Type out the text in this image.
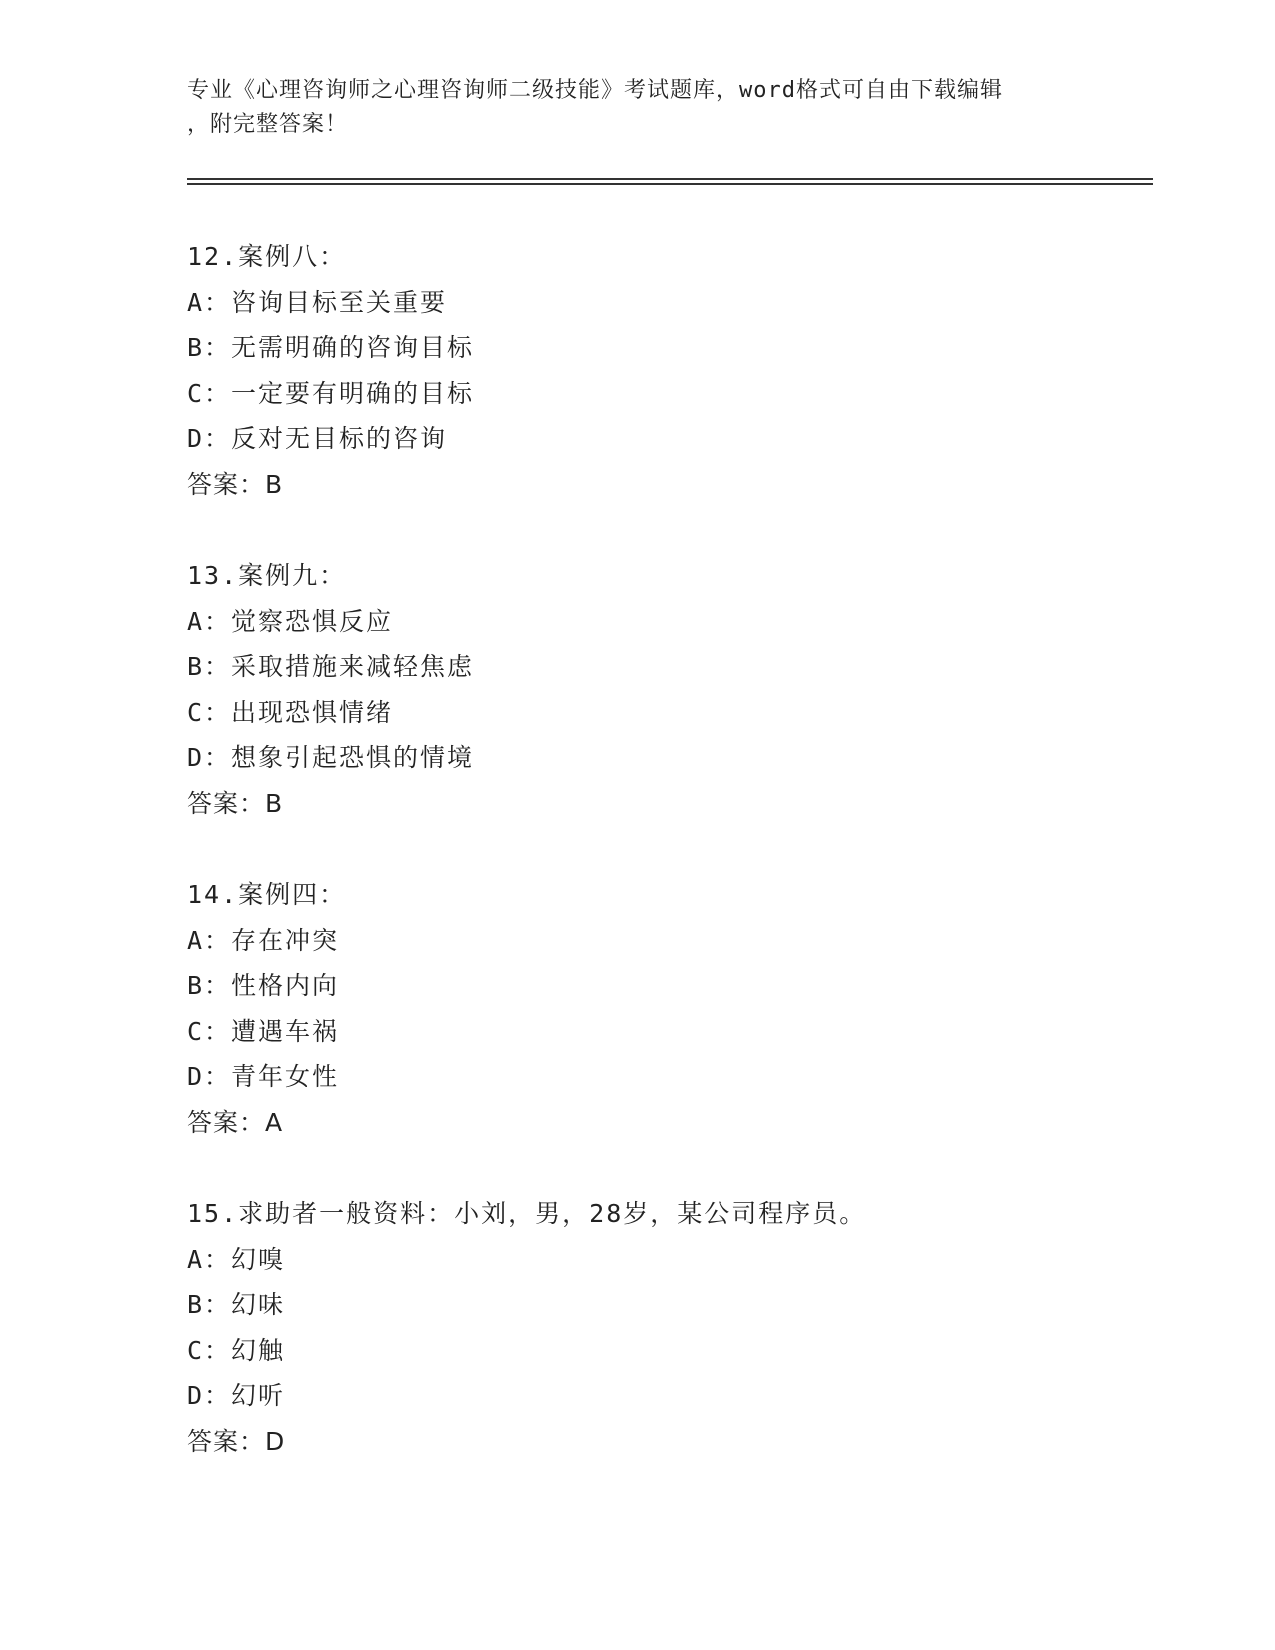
专业《心理咨询师之心理咨询师二级技能》考试题库，word格式可自由下载编辑
，附完整答案！
12.案例八：
A：咨询目标至关重要
B：无需明确的咨询目标
C：一定要有明确的目标
D：反对无目标的咨询
答案：B
13.案例九：
A：觉察恐惧反应
B：采取措施来减轻焦虑
C：出现恐惧情绪
D：想象引起恐惧的情境
答案：B
14.案例四：
A：存在冲突
B：性格内向
C：遭遇车祸
D：青年女性
答案：A
15.求助者一般资料：小刘，男，28岁，某公司程序员。
A：幻嗅
B：幻味
C：幻触
D：幻听
答案：D
